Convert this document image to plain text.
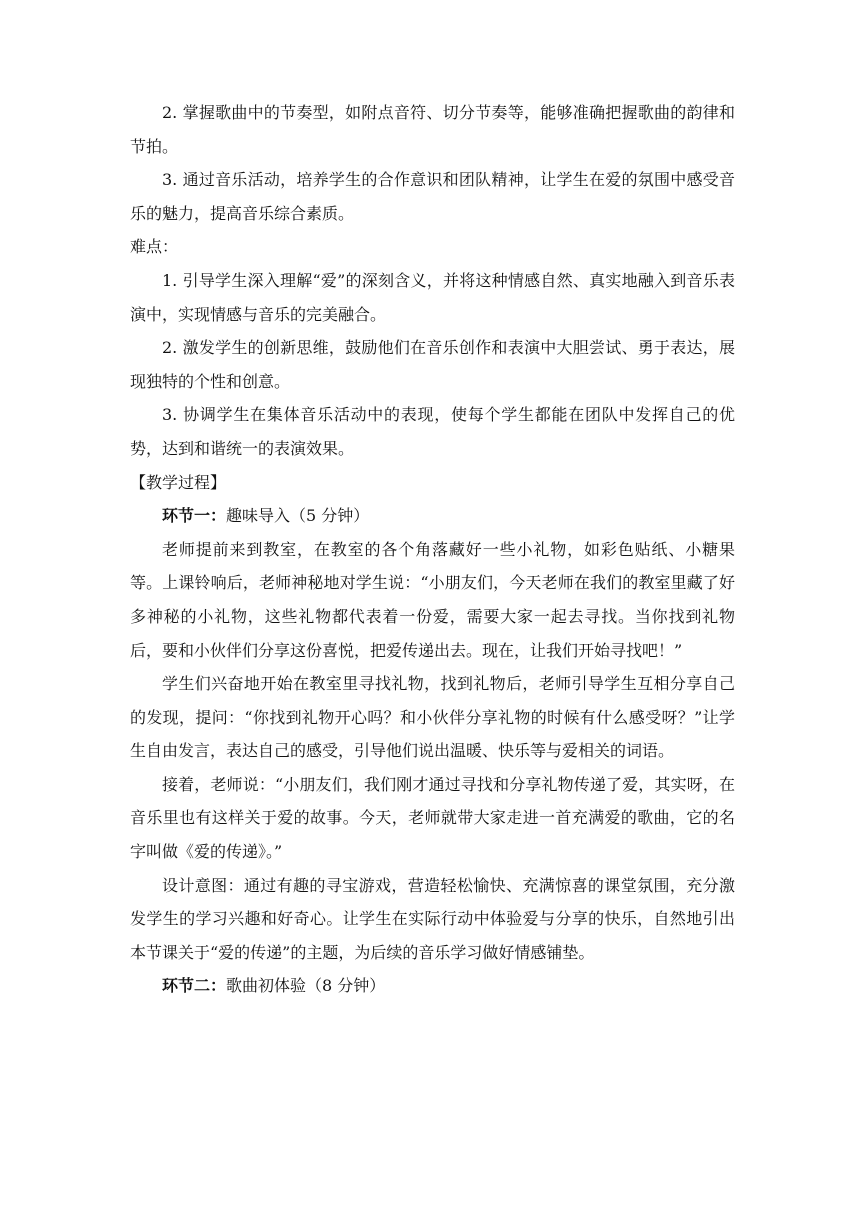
2. 掌握歌曲中的节奏型，如附点音符、切分节奏等，能够准确把握歌曲的韵律和节拍。

3. 通过音乐活动，培养学生的合作意识和团队精神，让学生在爱的氛围中感受音乐的魅力，提高音乐综合素质。

难点：

1. 引导学生深入理解“爱”的深刻含义，并将这种情感自然、真实地融入到音乐表演中，实现情感与音乐的完美融合。

2. 激发学生的创新思维，鼓励他们在音乐创作和表演中大胆尝试、勇于表达，展现独特的个性和创意。

3. 协调学生在集体音乐活动中的表现，使每个学生都能在团队中发挥自己的优势，达到和谐统一的表演效果。

【教学过程】

环节一：趣味导入（5 分钟）

老师提前来到教室，在教室的各个角落藏好一些小礼物，如彩色贴纸、小糖果等。上课铃响后，老师神秘地对学生说：“小朋友们，今天老师在我们的教室里藏了好多神秘的小礼物，这些礼物都代表着一份爱，需要大家一起去寻找。当你找到礼物后，要和小伙伴们分享这份喜悦，把爱传递出去。现在，让我们开始寻找吧！”

学生们兴奋地开始在教室里寻找礼物，找到礼物后，老师引导学生互相分享自己的发现，提问：“你找到礼物开心吗？和小伙伴分享礼物的时候有什么感受呀？”让学生自由发言，表达自己的感受，引导他们说出温暖、快乐等与爱相关的词语。

接着，老师说：“小朋友们，我们刚才通过寻找和分享礼物传递了爱，其实呀，在音乐里也有这样关于爱的故事。今天，老师就带大家走进一首充满爱的歌曲，它的名字叫做《爱的传递》。”

设计意图：通过有趣的寻宝游戏，营造轻松愉快、充满惊喜的课堂氛围，充分激发学生的学习兴趣和好奇心。让学生在实际行动中体验爱与分享的快乐，自然地引出本节课关于“爱的传递”的主题，为后续的音乐学习做好情感铺垫。

环节二：歌曲初体验（8 分钟）
